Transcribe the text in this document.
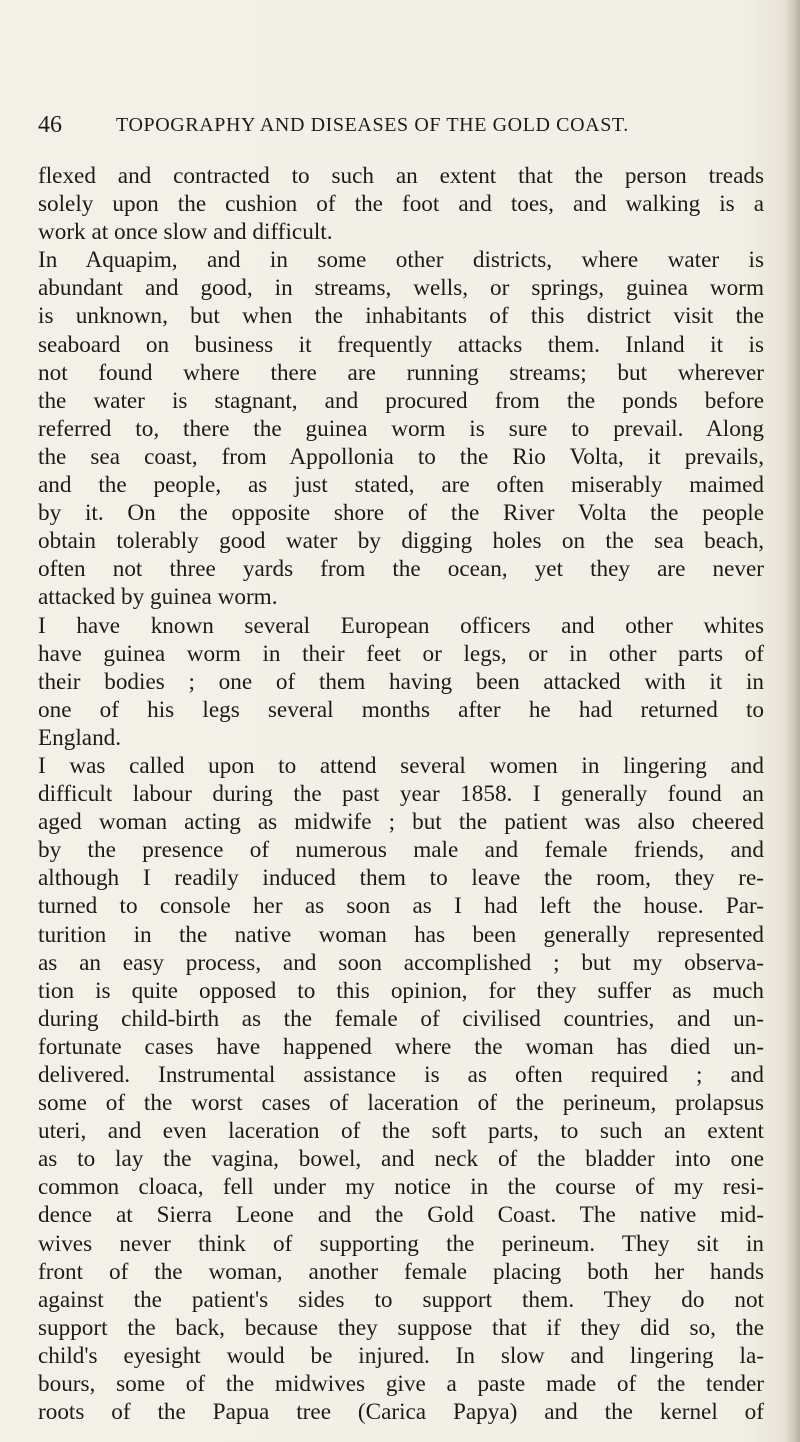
46	TOPOGRAPHY AND DISEASES OF THE GOLD COAST.
flexed and contracted to such an extent that the person treads
solely upon the cushion of the foot and toes, and walking is a
work at once slow and difficult.
In Aquapim, and in some other districts, where water is
abundant and good, in streams, wells, or springs, guinea worm
is unknown, but when the inhabitants of this district visit the
seaboard on business it frequently attacks them. Inland it is
not found where there are running streams; but wherever
the water is stagnant, and procured from the ponds before
referred to, there the guinea worm is sure to prevail. Along
the sea coast, from Appollonia to the Rio Volta, it prevails,
and the people, as just stated, are often miserably maimed
by it. On the opposite shore of the River Volta the people
obtain tolerably good water by digging holes on the sea beach,
often not three yards from the ocean, yet they are never
attacked by guinea worm.
I have known several European officers and other whites
have guinea worm in their feet or legs, or in other parts of
their bodies ; one of them having been attacked with it in
one of his legs several months after he had returned to
England.
I was called upon to attend several women in lingering and
difficult labour during the past year 1858. I generally found an
aged woman acting as midwife ; but the patient was also cheered
by the presence of numerous male and female friends, and
although I readily induced them to leave the room, they re-
turned to console her as soon as I had left the house. Par-
turition in the native woman has been generally represented
as an easy process, and soon accomplished ; but my observa-
tion is quite opposed to this opinion, for they suffer as much
during child-birth as the female of civilised countries, and un-
fortunate cases have happened where the woman has died un-
delivered. Instrumental assistance is as often required ; and
some of the worst cases of laceration of the perineum, prolapsus
uteri, and even laceration of the soft parts, to such an extent
as to lay the vagina, bowel, and neck of the bladder into one
common cloaca, fell under my notice in the course of my resi-
dence at Sierra Leone and the Gold Coast. The native mid-
wives never think of supporting the perineum. They sit in
front of the woman, another female placing both her hands
against the patient's sides to support them. They do not
support the back, because they suppose that if they did so, the
child's eyesight would be injured. In slow and lingering la-
bours, some of the midwives give a paste made of the tender
roots of the Papua tree (Carica Papya) and the kernel of
